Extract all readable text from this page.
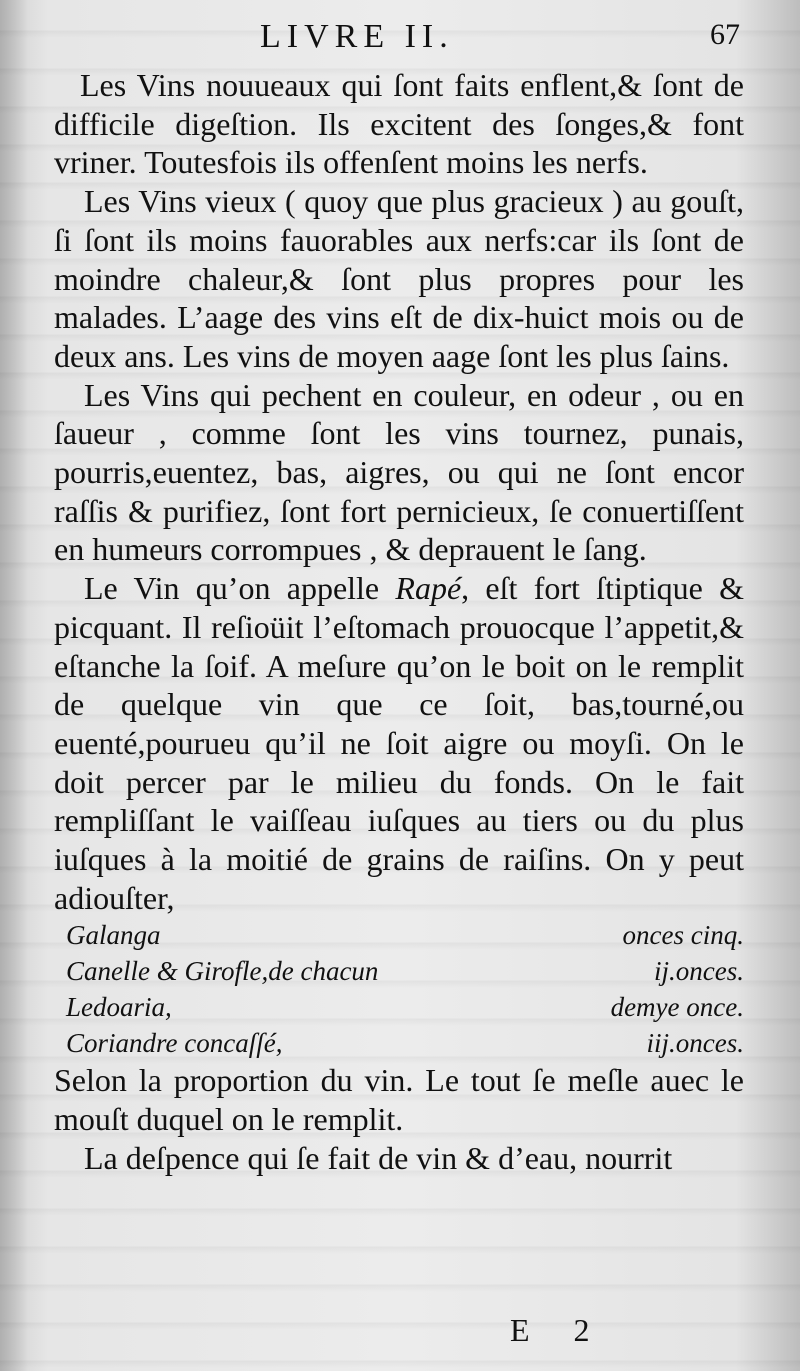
LIVRE II.	67

Les Vins nouueaux qui ſont faits enflent,& ſont de difficile digeſtion. Ils excitent des ſonges,& font vriner. Toutesfois ils offenſent moins les nerfs.

Les Vins vieux ( quoy que plus gracieux ) au gouſt, ſi ſont ils moins fauorables aux nerfs:car ils ſont de moindre chaleur,& ſont plus propres pour les malades. L’aage des vins eſt de dix-huict mois ou de deux ans. Les vins de moyen aage ſont les plus ſains.

Les Vins qui pechent en couleur, en odeur , ou en ſaueur , comme ſont les vins tournez, punais, pourris,euentez, bas, aigres, ou qui ne ſont encor raſſis & purifiez, ſont fort pernicieux, ſe conuertiſſent en humeurs corrompues , & deprauent le ſang.

Le Vin qu’on appelle Rapé, eſt fort ſtiptique & picquant. Il reſioüit l’eſtomach prouocque l’appetit,& eſtanche la ſoif. A meſure qu’on le boit on le remplit de quelque vin que ce ſoit, bas,tourné,ou euenté,pourueu qu’il ne ſoit aigre ou moyſi. On le doit percer par le milieu du fonds. On le fait rempliſſant le vaiſſeau iuſques au tiers ou du plus iuſques à la moitié de grains de raiſins. On y peut adiouſter,

Galanga	onces cinq.
Canelle & Girofle,de chacun	ij.onces.
Ledoaria,	demye once.
Coriandre concaſſé,	iij.onces.

Selon la proportion du vin. Le tout ſe meſle auec le mouſt duquel on le remplit.

La deſpence qui ſe fait de vin & d’eau, nourrit

E 2
